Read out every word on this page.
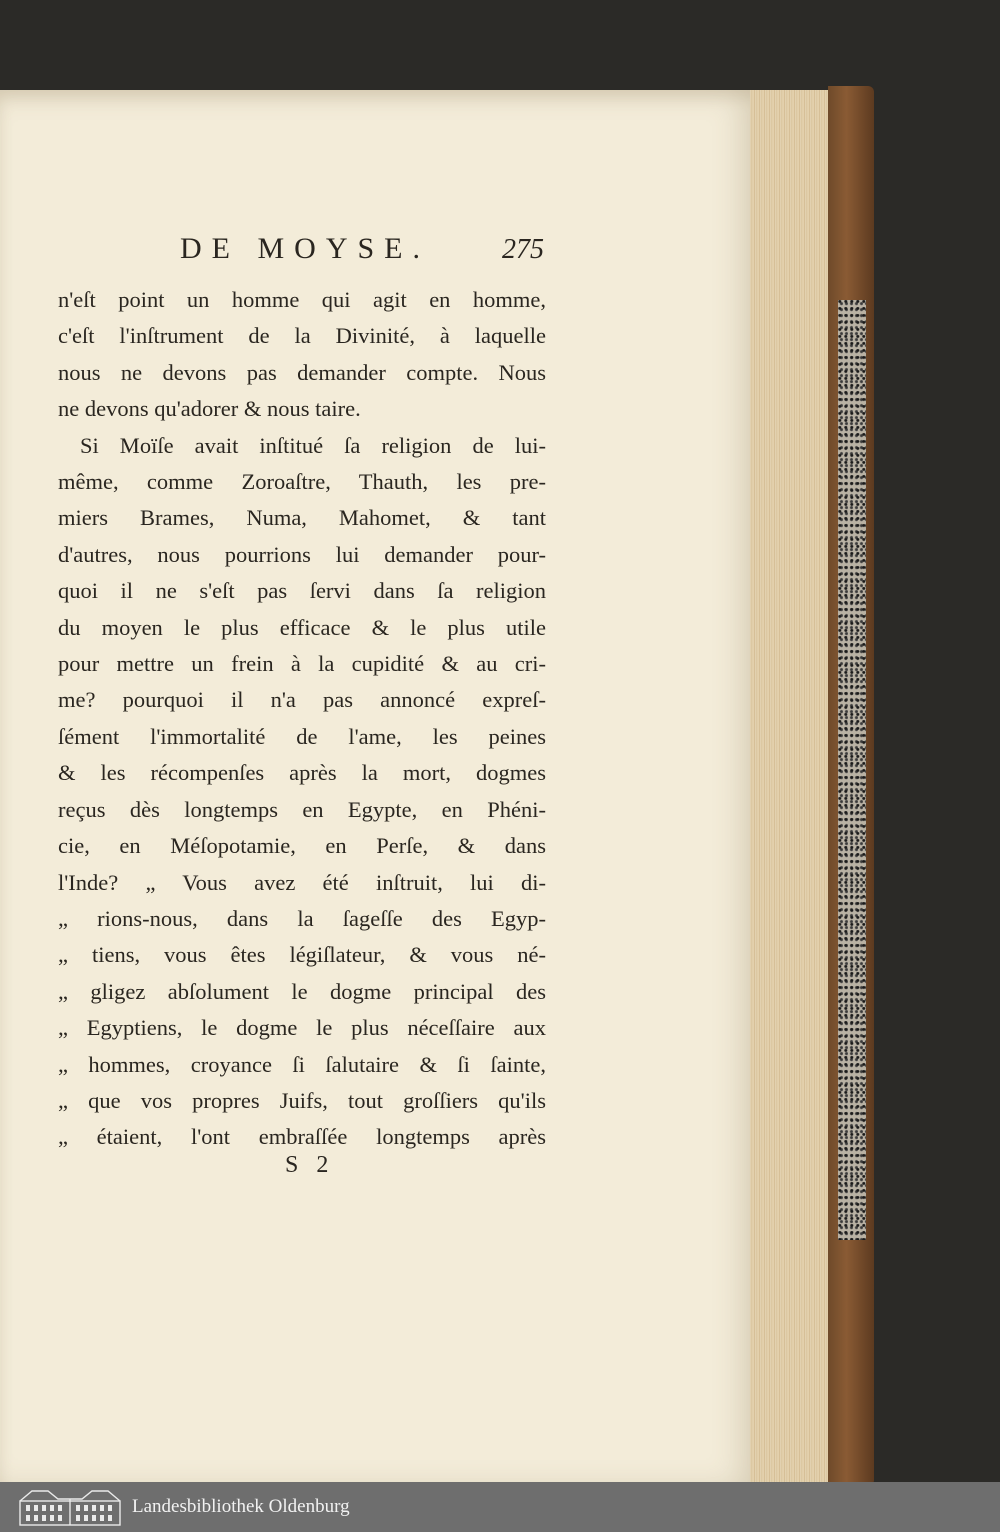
DE MOYSE.	275
n'eſt point un homme qui agit en homme,
c'eſt l'inſtrument de la Divinité, à laquelle
nous ne devons pas demander compte. Nous
ne devons qu'adorer & nous taire.
Si Moïſe avait inſtitué ſa religion de lui-
même, comme Zoroaſtre, Thauth, les pre-
miers Brames, Numa, Mahomet, & tant
d'autres, nous pourrions lui demander pour-
quoi il ne s'eſt pas ſervi dans ſa religion
du moyen le plus efficace & le plus utile
pour mettre un frein à la cupidité & au cri-
me? pourquoi il n'a pas annoncé expreſ-
ſément l'immortalité de l'ame, les peines
& les récompenſes après la mort, dogmes
reçus dès longtemps en Egypte, en Phéni-
cie, en Méſopotamie, en Perſe, & dans
l'Inde? „ Vous avez été inſtruit, lui di-
„ rions-nous, dans la ſageſſe des Egyp-
„ tiens, vous êtes légiſlateur, & vous né-
„ gligez abſolument le dogme principal des
„ Egyptiens, le dogme le plus néceſſaire aux
„ hommes, croyance ſi ſalutaire & ſi ſainte,
„ que vos propres Juifs, tout groſſiers qu'ils
„ étaient, l'ont embraſſée longtemps après
S 2
Landesbibliothek Oldenburg
